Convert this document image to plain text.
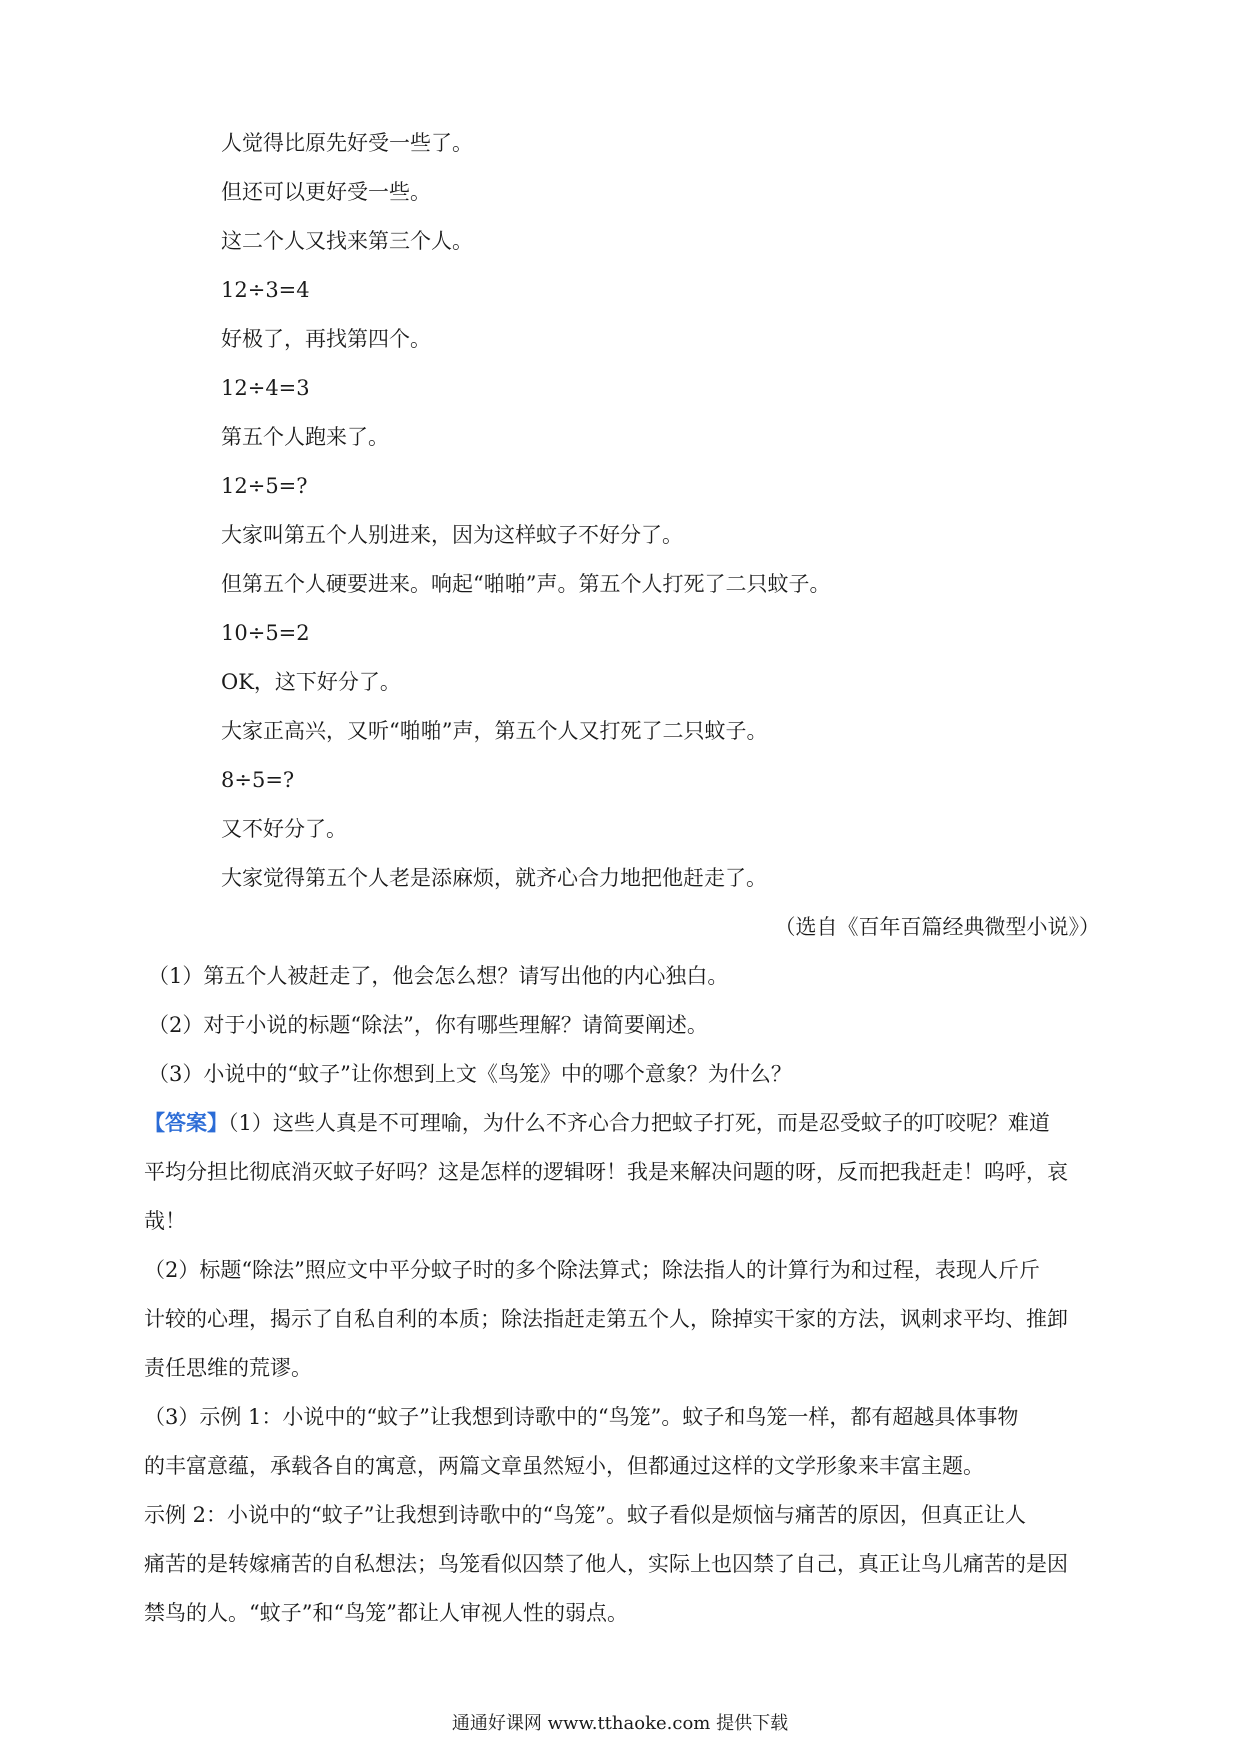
人觉得比原先好受一些了。
但还可以更好受一些。
这二个人又找来第三个人。
12÷3=4
好极了，再找第四个。
12÷4=3
第五个人跑来了。
12÷5=?
大家叫第五个人别进来，因为这样蚊子不好分了。
但第五个人硬要进来。响起“啪啪”声。第五个人打死了二只蚊子。
10÷5=2
OK，这下好分了。
大家正高兴，又听“啪啪”声，第五个人又打死了二只蚊子。
8÷5=?
又不好分了。
大家觉得第五个人老是添麻烦，就齐心合力地把他赶走了。
（选自《百年百篇经典微型小说》）
（1）第五个人被赶走了，他会怎么想？请写出他的内心独白。
（2）对于小说的标题“除法”，你有哪些理解？请简要阐述。
（3）小说中的“蚊子”让你想到上文《鸟笼》中的哪个意象？为什么？
【答案】（1）这些人真是不可理喻，为什么不齐心合力把蚊子打死，而是忍受蚊子的叮咬呢？难道
平均分担比彻底消灭蚊子好吗？这是怎样的逻辑呀！我是来解决问题的呀，反而把我赶走！呜呼，哀
哉！
（2）标题“除法”照应文中平分蚊子时的多个除法算式；除法指人的计算行为和过程，表现人斤斤
计较的心理，揭示了自私自利的本质；除法指赶走第五个人，除掉实干家的方法，讽刺求平均、推卸
责任思维的荒谬。
（3）示例 1：小说中的“蚊子”让我想到诗歌中的“鸟笼”。蚊子和鸟笼一样，都有超越具体事物
的丰富意蕴，承载各自的寓意，两篇文章虽然短小，但都通过这样的文学形象来丰富主题。
示例 2：小说中的“蚊子”让我想到诗歌中的“鸟笼”。蚊子看似是烦恼与痛苦的原因，但真正让人
痛苦的是转嫁痛苦的自私想法；鸟笼看似囚禁了他人，实际上也囚禁了自己，真正让鸟儿痛苦的是因
禁鸟的人。“蚊子”和“鸟笼”都让人审视人性的弱点。
通通好课网 www.tthaoke.com 提供下载
